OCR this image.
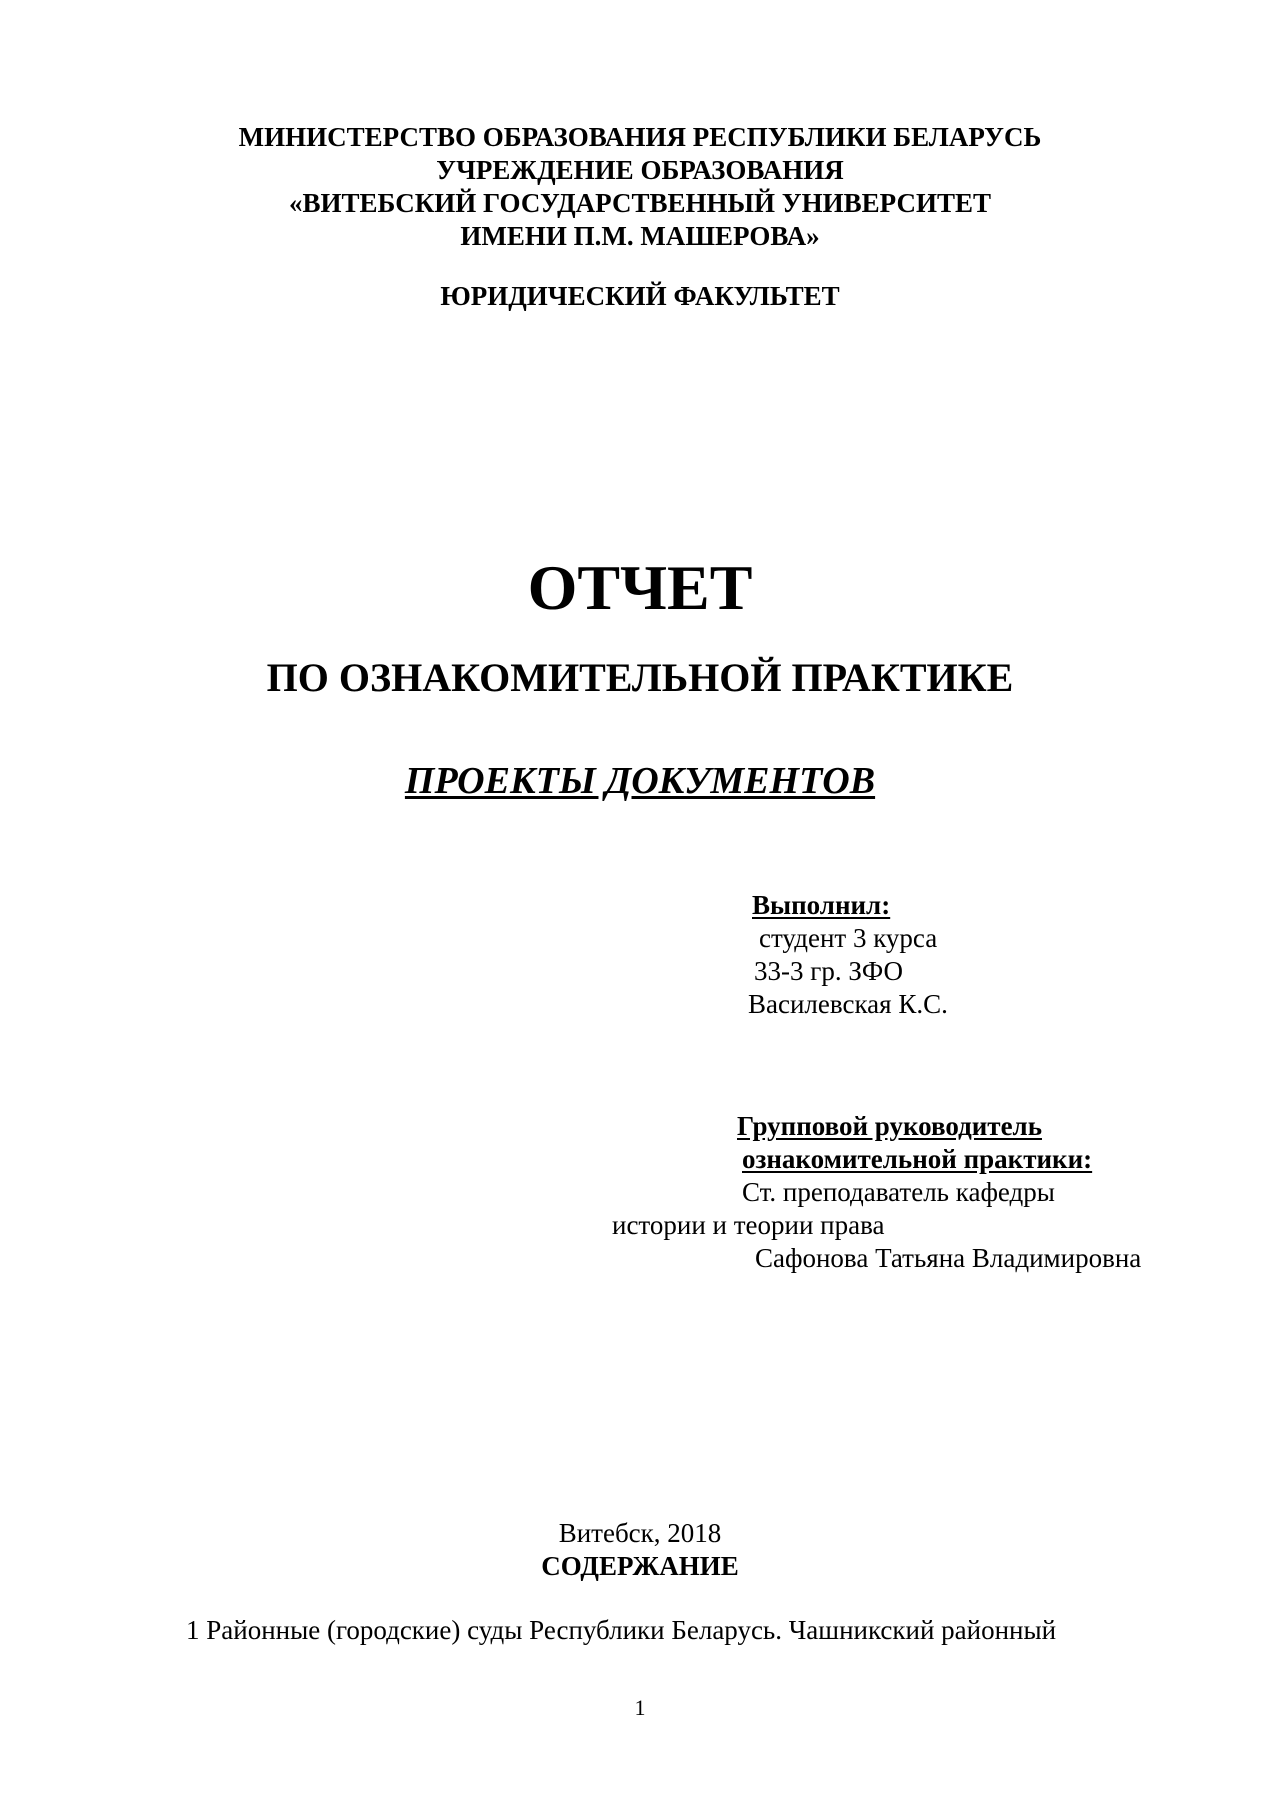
МИНИСТЕРСТВО ОБРАЗОВАНИЯ РЕСПУБЛИКИ БЕЛАРУСЬ
УЧРЕЖДЕНИЕ ОБРАЗОВАНИЯ
«ВИТЕБСКИЙ ГОСУДАРСТВЕННЫЙ УНИВЕРСИТЕТ
ИМЕНИ П.М. МАШЕРОВА»
ЮРИДИЧЕСКИЙ ФАКУЛЬТЕТ
ОТЧЕТ
ПО ОЗНАКОМИТЕЛЬНОЙ ПРАКТИКЕ
ПРОЕКТЫ ДОКУМЕНТОВ
Выполнил:
студент 3 курса
33-3 гр. ЗФО
Василевская К.С.
Групповой руководитель
ознакомительной практики:
Ст. преподаватель кафедры
истории и теории права
Сафонова Татьяна Владимировна
Витебск, 2018
СОДЕРЖАНИЕ
1 Районные (городские) суды Республики Беларусь. Чашникский районный
1
